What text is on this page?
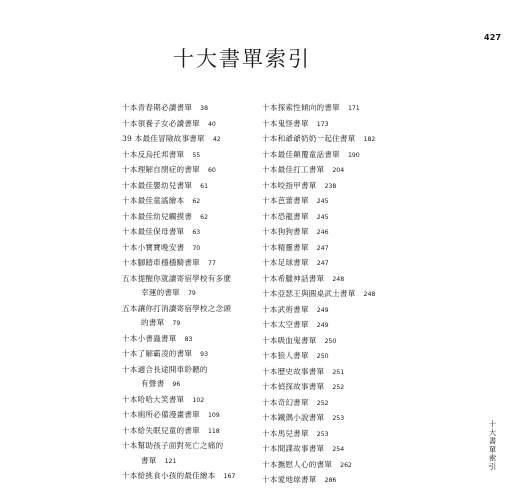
427
十大書單索引
十本青春期必讀書單 38
十本領養子女必讀書單 40
39 本最佳冒險故事書單 42
十本反烏托邦書單 55
十本理解自閉症的書單 60
十本最佳嬰幼兒書單 61
十本最佳童謠繪本 62
十本最佳幼兒觸摸書 62
十本最佳保母書單 63
十本小寶寶晚安書 70
十本腳踏車穩穩騎書單 77
五本提醒你就讀寄宿學校有多麼
幸運的書單 79
五本讓你打消讀寄宿學校之念頭
的書單 79
十本小書蟲書單 83
十本了解霸凌的書單 93
十本適合長途開車聆聽的
有聲書 96
十本哈哈大笑書單 102
十本廁所必備漫畫書單 109
十本給失眠兒童的書單 118
十本幫助孩子面對死亡之痛的
書單 121
十本給挑食小孩的最佳繪本 167
十本探索性傾向的書單 171
十本鬼怪書單 173
十本和爺爺奶奶一起住書單 182
十本最佳顛覆童話書單 190
十本最佳打工書單 204
十本咬指甲書單 238
十本芭蕾書單 245
十本恐龍書單 245
十本狗狗書單 246
十本精靈書單 247
十本足球書單 247
十本希臘神話書單 248
十本亞瑟王與圓桌武士書單 248
十本武術書單 249
十本太空書單 249
十本吸血鬼書單 250
十本狼人書單 250
十本歷史故事書單 251
十本偵探故事書單 252
十本奇幻書單 252
十本鐵偶小說書單 253
十本馬兒書單 253
十本間諜故事書單 254
十本撫慰人心的書單 262
十本愛地球書單 286
十大書單索引
